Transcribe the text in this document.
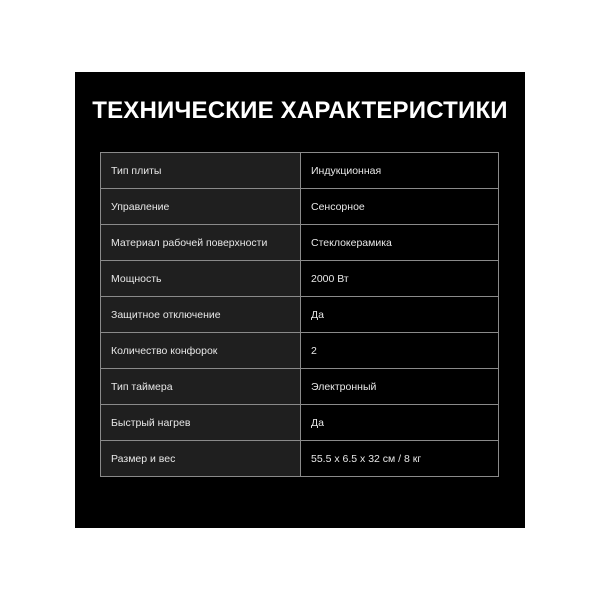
Тип плиты	Индукционная
Управление	Сенсорное
Материал рабочей поверхности	Стеклокерамика
Мощность	2000 Вт
Защитное отключение	Да
Количество конфорок	2
Тип таймера	Электронный
Быстрый нагрев	Да
Размер и вес	55.5 х 6.5 х 32 см / 8 кг
ТЕХНИЧЕСКИЕ ХАРАКТЕРИСТИКИ
